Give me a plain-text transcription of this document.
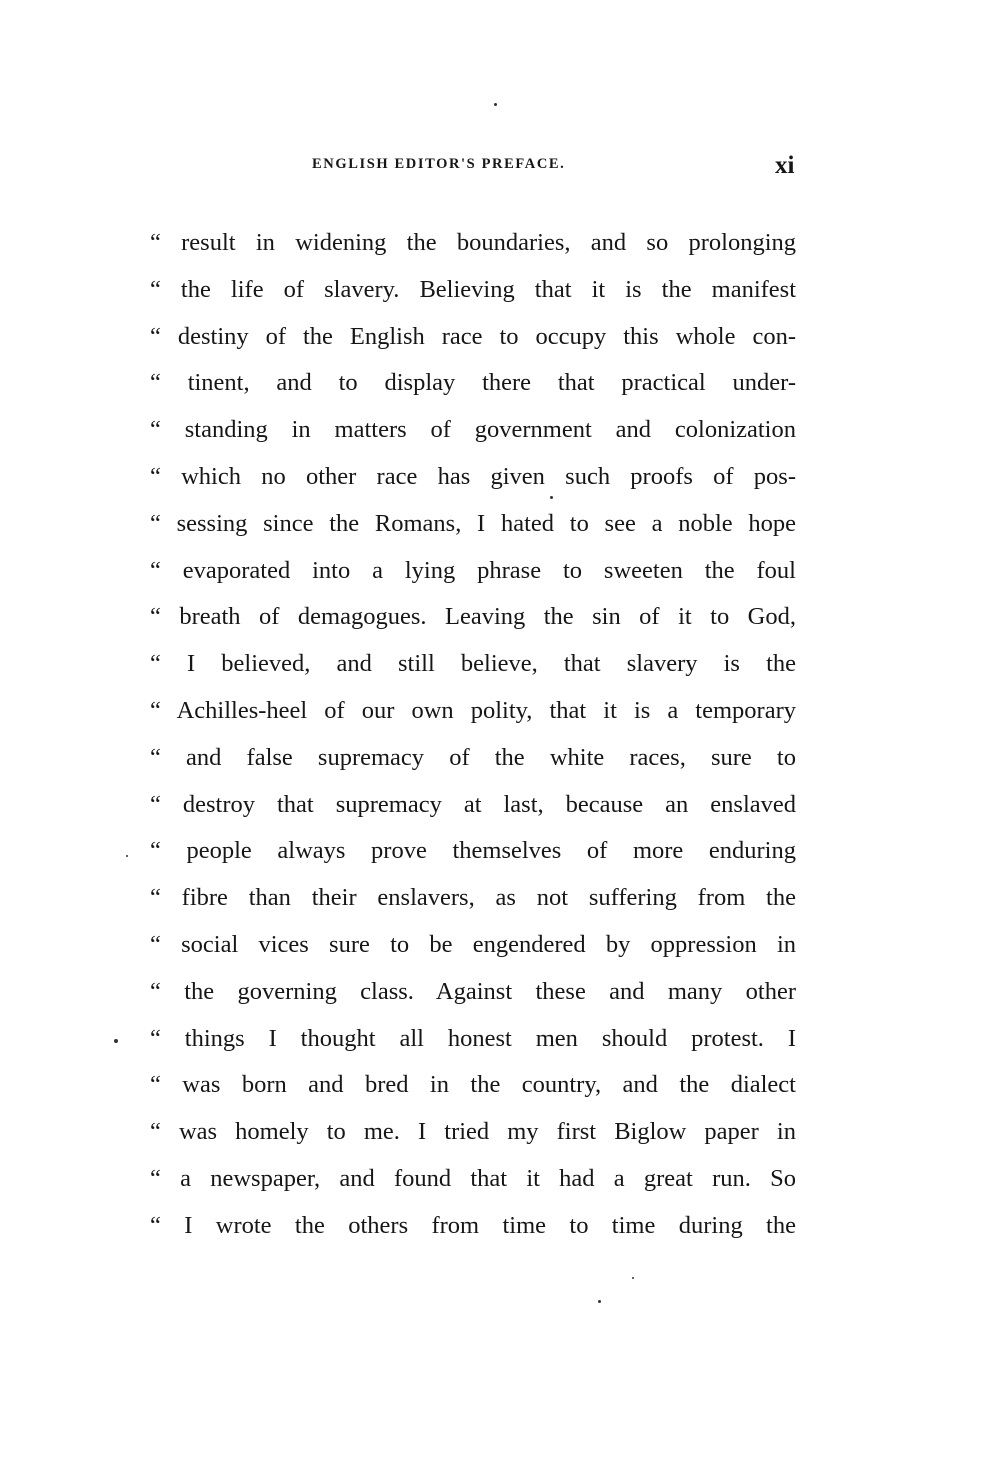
ENGLISH EDITOR'S PREFACE.	xi
“ result in widening the boundaries, and so prolonging
“ the life of slavery. Believing that it is the manifest
“ destiny of the English race to occupy this whole con-
“ tinent, and to display there that practical under-
“ standing in matters of government and colonization
“ which no other race has given such proofs of pos-
“ sessing since the Romans, I hated to see a noble hope
“ evaporated into a lying phrase to sweeten the foul
“ breath of demagogues. Leaving the sin of it to God,
“ I believed, and still believe, that slavery is the
“ Achilles-heel of our own polity, that it is a temporary
“ and false supremacy of the white races, sure to
“ destroy that supremacy at last, because an enslaved
“ people always prove themselves of more enduring
“ fibre than their enslavers, as not suffering from the
“ social vices sure to be engendered by oppression in
“ the governing class. Against these and many other
“ things I thought all honest men should protest. I
“ was born and bred in the country, and the dialect
“ was homely to me. I tried my first Biglow paper in
“ a newspaper, and found that it had a great run. So
“ I wrote the others from time to time during the
